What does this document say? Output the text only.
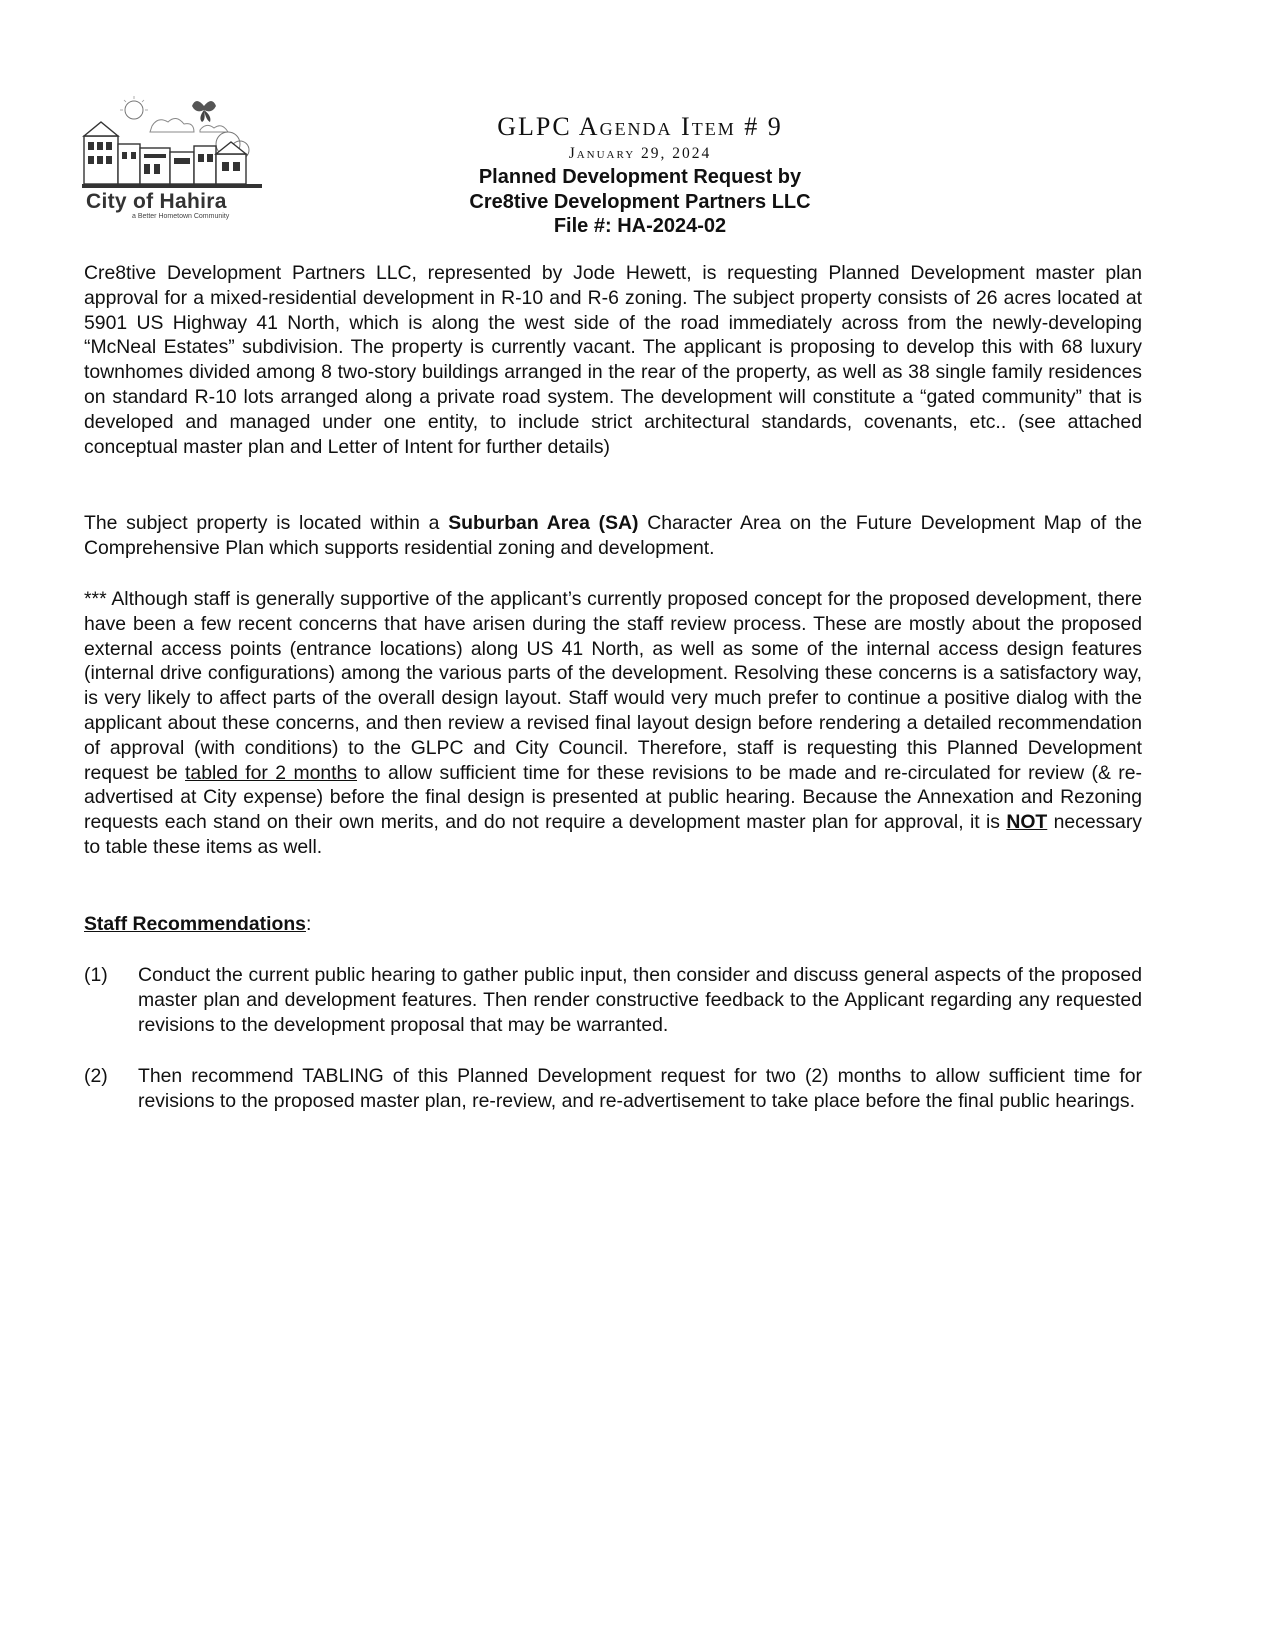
City of Hahira
a Better Hometown Community
GLPC Agenda Item # 9
January 29, 2024
Planned Development Request by
Cre8tive Development Partners LLC
File #: HA-2024-02

Cre8tive Development Partners LLC, represented by Jode Hewett, is requesting Planned Development master plan approval for a mixed-residential development in R-10 and R-6 zoning. The subject property consists of 26 acres located at 5901 US Highway 41 North, which is along the west side of the road immediately across from the newly-developing “McNeal Estates” subdivision. The property is currently vacant. The applicant is proposing to develop this with 68 luxury townhomes divided among 8 two-story buildings arranged in the rear of the property, as well as 38 single family residences on standard R-10 lots arranged along a private road system. The development will constitute a “gated community” that is developed and managed under one entity, to include strict architectural standards, covenants, etc.. (see attached conceptual master plan and Letter of Intent for further details)

The subject property is located within a Suburban Area (SA) Character Area on the Future Development Map of the Comprehensive Plan which supports residential zoning and development.

*** Although staff is generally supportive of the applicant’s currently proposed concept for the proposed development, there have been a few recent concerns that have arisen during the staff review process. These are mostly about the proposed external access points (entrance locations) along US 41 North, as well as some of the internal access design features (internal drive configurations) among the various parts of the development. Resolving these concerns is a satisfactory way, is very likely to affect parts of the overall design layout. Staff would very much prefer to continue a positive dialog with the applicant about these concerns, and then review a revised final layout design before rendering a detailed recommendation of approval (with conditions) to the GLPC and City Council. Therefore, staff is requesting this Planned Development request be tabled for 2 months to allow sufficient time for these revisions to be made and re-circulated for review (& re-advertised at City expense) before the final design is presented at public hearing. Because the Annexation and Rezoning requests each stand on their own merits, and do not require a development master plan for approval, it is NOT necessary to table these items as well.

Staff Recommendations:
(1) Conduct the current public hearing to gather public input, then consider and discuss general aspects of the proposed master plan and development features. Then render constructive feedback to the Applicant regarding any requested revisions to the development proposal that may be warranted.
(2) Then recommend TABLING of this Planned Development request for two (2) months to allow sufficient time for revisions to the proposed master plan, re-review, and re-advertisement to take place before the final public hearings.
